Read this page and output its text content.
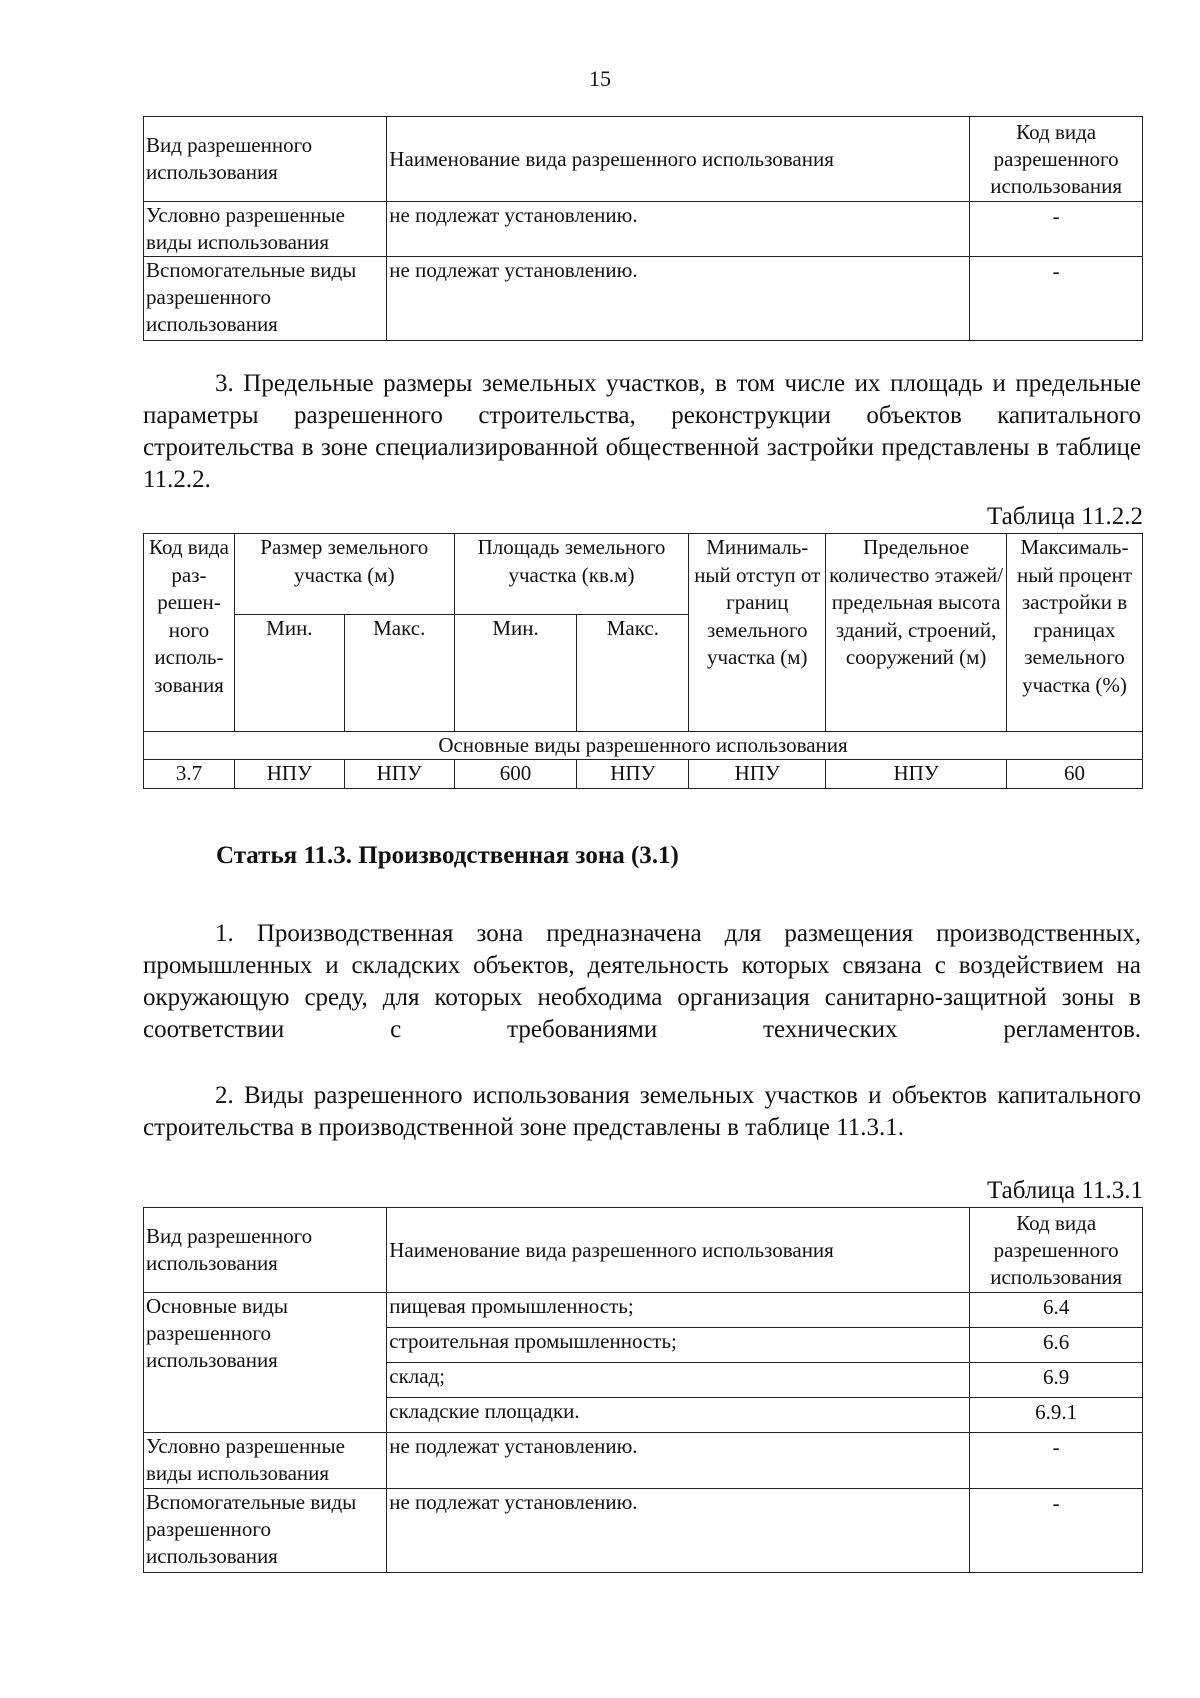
15
Вид разрешенного использования	Наименование вида разрешенного использования	Код вида разрешенного использования
Условно разрешенные виды использования	не подлежат установлению.	-
Вспомогательные виды разрешенного использования	не подлежат установлению.	-
3. Предельные размеры земельных участков, в том числе их площадь и предельные параметры разрешенного строительства, реконструкции объектов капитального строительства в зоне специализированной общественной застройки представлены в таблице 11.2.2.
Таблица 11.2.2
Код вида раз- решен- ного исполь- зования	Размер земельного участка (м)		Площадь земельного участка (кв.м)		Минималь- ный отступ от границ земельного участка (м)	Предельное количество этажей/ предельная высота зданий, строений, сооружений (м)	Максималь- ный процент застройки в границах земельного участка (%)
	Мин.	Макс.	Мин.	Макс.			
Основные виды разрешенного использования							
3.7	НПУ	НПУ	600	НПУ	НПУ	НПУ	60
Статья 11.3. Производственная зона (3.1)
1. Производственная зона предназначена для размещения производственных, промышленных и складских объектов, деятельность которых связана с воздействием на окружающую среду, для которых необходима организация санитарно-защитной зоны в соответствии с требованиями технических регламентов.
2. Виды разрешенного использования земельных участков и объектов капитального строительства в производственной зоне представлены в таблице 11.3.1.
Таблица 11.3.1
Вид разрешенного использования	Наименование вида разрешенного использования	Код вида разрешенного использования
Основные виды разрешенного использования	пищевая промышленность;	6.4
	строительная промышленность;	6.6
	склад;	6.9
	складские площадки.	6.9.1
Условно разрешенные виды использования	не подлежат установлению.	-
Вспомогательные виды разрешенного использования	не подлежат установлению.	-
